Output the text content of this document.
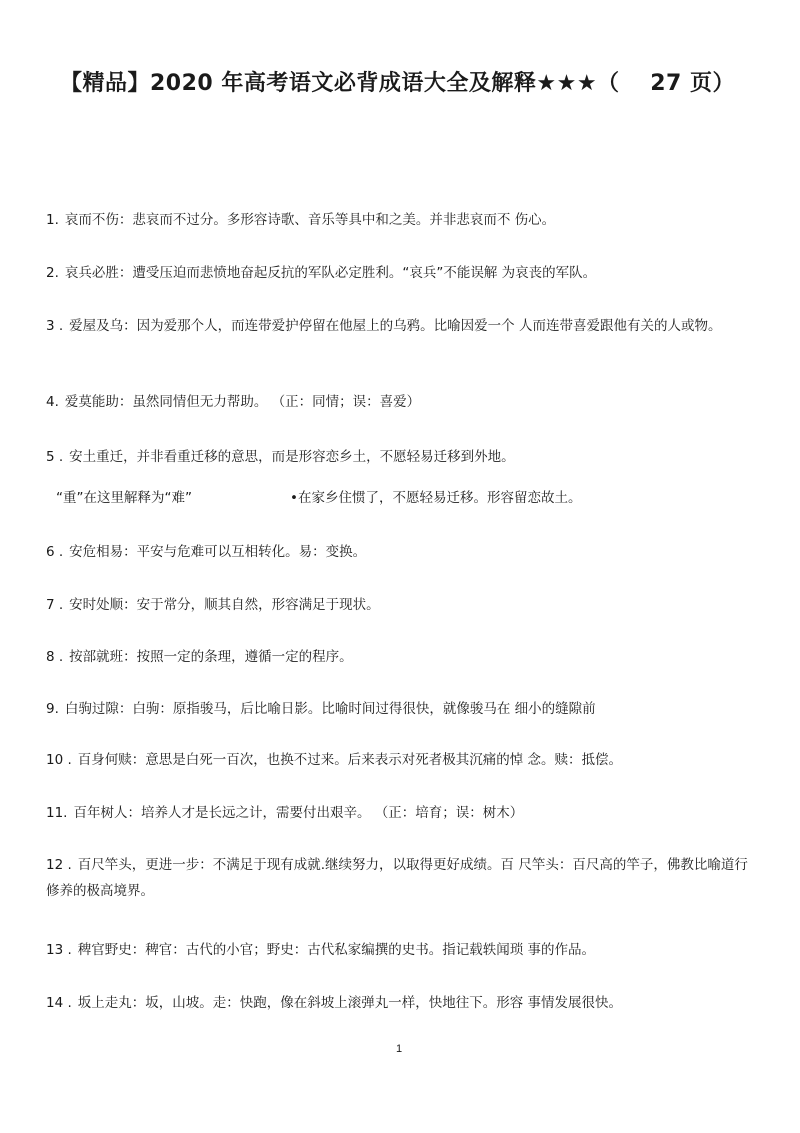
【精品】2020 年高考语文必背成语大全及解释★★★（　 27 页）
1. 哀而不伤：悲哀而不过分。多形容诗歌、音乐等具中和之美。并非悲哀而不 伤心。
2. 哀兵必胜：遭受压迫而悲愤地奋起反抗的军队必定胜利。“哀兵”不能误解 为哀丧的军队。
3 . 爱屋及乌：因为爱那个人，而连带爱护停留在他屋上的乌鸦。比喻因爱一个 人而连带喜爱跟他有关的人或物。
4. 爱莫能助：虽然同情但无力帮助。 （正：同情；误：喜爱）
5 . 安土重迁，并非看重迁移的意思，而是形容恋乡土，不愿轻易迁移到外地。
“重”在这里解释为“难”	•在家乡住惯了，不愿轻易迁移。形容留恋故土。
6 . 安危相易：平安与危难可以互相转化。易：变换。
7 . 安时处顺：安于常分，顺其自然，形容满足于现状。
8 . 按部就班：按照一定的条理，遵循一定的程序。
9. 白驹过隙：白驹：原指骏马，后比喻日影。比喻时间过得很快，就像骏马在 细小的缝隙前
10 . 百身何赎：意思是白死一百次，也换不过来。后来表示对死者极其沉痛的悼 念。赎：抵偿。
11. 百年树人：培养人才是长远之计，需要付出艰辛。 （正：培育；误：树木）
12 . 百尺竿头，更进一步：不满足于现有成就.继续努力，以取得更好成绩。百 尺竿头：百尺高的竿子，佛教比喻道行修养的极高境界。
13 . 稗官野史：稗官：古代的小官；野史：古代私家编撰的史书。指记载轶闻琐 事的作品。
14 . 坂上走丸：坂，山坡。走：快跑，像在斜坡上滚弹丸一样，快地往下。形容 事情发展很快。
1
